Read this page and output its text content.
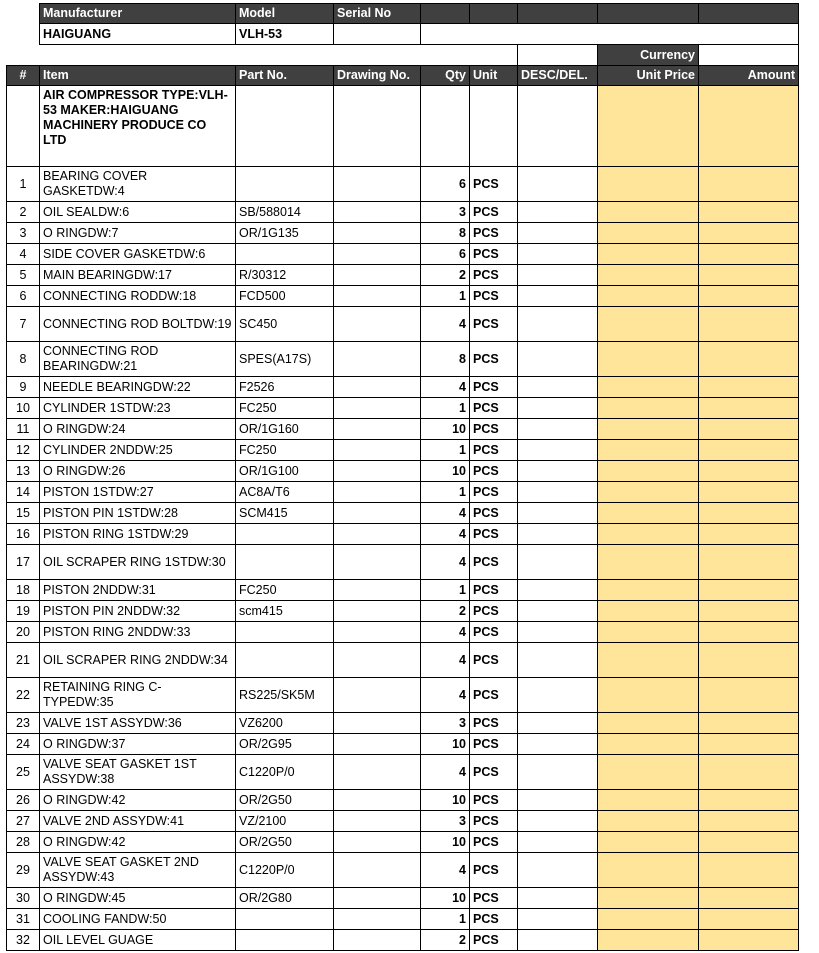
	Manufacturer	Model	Serial No					
	HAIGUANG	VLH-53						
							Currency	
#	Item	Part No.	Drawing No.	Qty	Unit	DESC/DEL.	Unit Price	Amount
	AIR COMPRESSOR TYPE:VLH-53 MAKER:HAIGUANG MACHINERY PRODUCE CO LTD							
1	BEARING COVER GASKETDW:4			6	PCS			
2	OIL SEALDW:6	SB/588014		3	PCS			
3	O RINGDW:7	OR/1G135		8	PCS			
4	SIDE COVER GASKETDW:6			6	PCS			
5	MAIN BEARINGDW:17	R/30312		2	PCS			
6	CONNECTING RODDW:18	FCD500		1	PCS			
7	CONNECTING ROD BOLTDW:19	SC450		4	PCS			
8	CONNECTING ROD BEARINGDW:21	SPES(A17S)		8	PCS			
9	NEEDLE BEARINGDW:22	F2526		4	PCS			
10	CYLINDER 1STDW:23	FC250		1	PCS			
11	O RINGDW:24	OR/1G160		10	PCS			
12	CYLINDER 2NDDW:25	FC250		1	PCS			
13	O RINGDW:26	OR/1G100		10	PCS			
14	PISTON 1STDW:27	AC8A/T6		1	PCS			
15	PISTON PIN 1STDW:28	SCM415		4	PCS			
16	PISTON RING 1STDW:29			4	PCS			
17	OIL SCRAPER RING 1STDW:30			4	PCS			
18	PISTON 2NDDW:31	FC250		1	PCS			
19	PISTON PIN 2NDDW:32	scm415		2	PCS			
20	PISTON RING 2NDDW:33			4	PCS			
21	OIL SCRAPER RING 2NDDW:34			4	PCS			
22	RETAINING RING C-TYPEDW:35	RS225/SK5M		4	PCS			
23	VALVE 1ST ASSYDW:36	VZ6200		3	PCS			
24	O RINGDW:37	OR/2G95		10	PCS			
25	VALVE SEAT GASKET 1ST ASSYDW:38	C1220P/0		4	PCS			
26	O RINGDW:42	OR/2G50		10	PCS			
27	VALVE 2ND ASSYDW:41	VZ/2100		3	PCS			
28	O RINGDW:42	OR/2G50		10	PCS			
29	VALVE SEAT GASKET 2ND ASSYDW:43	C1220P/0		4	PCS			
30	O RINGDW:45	OR/2G80		10	PCS			
31	COOLING FANDW:50			1	PCS			
32	OIL LEVEL GUAGE			2	PCS			
